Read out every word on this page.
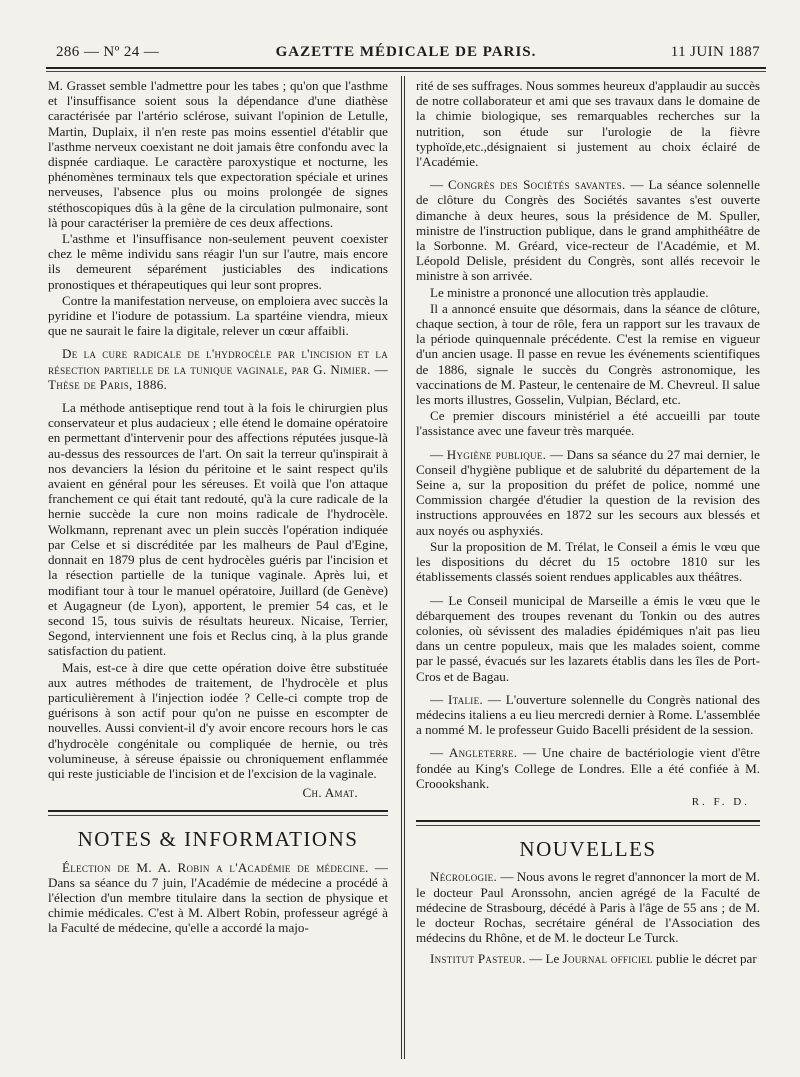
286 — Nº 24 —	GAZETTE MÉDICALE DE PARIS.	11 JUIN 1887

M. Grasset semble l'admettre pour les tabes ; qu'on que l'asthme et l'insuffisance soient sous la dépendance d'une diathèse caractérisée par l'artério sclérose, suivant l'opinion de Letulle, Martin, Duplaix, il n'en reste pas moins essentiel d'établir que l'asthme nerveux coexistant ne doit jamais être confondu avec la dispnée cardiaque. Le caractère paroxystique et nocturne, les phénomènes terminaux tels que expectoration spéciale et urines nerveuses, l'absence plus ou moins prolongée de signes stéthoscopiques dûs à la gêne de la circulation pulmonaire, sont là pour caractériser la première de ces deux affections.

L'asthme et l'insuffisance non-seulement peuvent coexister chez le même individu sans réagir l'un sur l'autre, mais encore ils demeurent séparément justiciables des indications pronostiques et thérapeutiques qui leur sont propres.

Contre la manifestation nerveuse, on emploiera avec succès la pyridine et l'iodure de potassium. La spartéine viendra, mieux que ne saurait le faire la digitale, relever un cœur affaibli.

De la cure radicale de l'hydrocèle par l'incision et la résection partielle de la tunique vaginale, par G. Nimier. — Thèse de Paris, 1886.

La méthode antiseptique rend tout à la fois le chirurgien plus conservateur et plus audacieux ; elle étend le domaine opératoire en permettant d'intervenir pour des affections réputées jusque-là au-dessus des ressources de l'art. On sait la terreur qu'inspirait à nos devanciers la lésion du péritoine et le saint respect qu'ils avaient en général pour les séreuses. Et voilà que l'on attaque franchement ce qui était tant redouté, qu'à la cure radicale de la hernie succède la cure non moins radicale de l'hydrocèle. Wolkmann, reprenant avec un plein succès l'opération indiquée par Celse et si discréditée par les malheurs de Paul d'Egine, donnait en 1879 plus de cent hydrocèles guéris par l'incision et la résection partielle de la tunique vaginale. Après lui, et modifiant tour à tour le manuel opératoire, Juillard (de Genève) et Augagneur (de Lyon), apportent, le premier 54 cas, et le second 15, tous suivis de résultats heureux. Nicaise, Terrier, Segond, interviennent une fois et Reclus cinq, à la plus grande satisfaction du patient.

Mais, est-ce à dire que cette opération doive être substituée aux autres méthodes de traitement, de l'hydrocèle et plus particulièrement à l'injection iodée ? Celle-ci compte trop de guérisons à son actif pour qu'on ne puisse en escompter de nouvelles. Aussi convient-il d'y avoir encore recours hors le cas d'hydrocèle congénitale ou compliquée de hernie, ou très volumineuse, à séreuse épaissie ou chroniquement enflammée qui reste justiciable de l'incision et de l'excision de la vaginale.

Ch. Amat.
NOTES & INFORMATIONS

Élection de M. A. Robin a l'Académie de médecine. — Dans sa séance du 7 juin, l'Académie de médecine a procédé à l'élection d'un membre titulaire dans la section de physique et chimie médicales. C'est à M. Albert Robin, professeur agrégé à la Faculté de médecine, qu'elle a accordé la majo-

rité de ses suffrages. Nous sommes heureux d'applaudir au succès de notre collaborateur et ami que ses travaux dans le domaine de la chimie biologique, ses remarquables recherches sur la nutrition, son étude sur l'urologie de la fièvre typhoïde,etc.,désignaient si justement au choix éclairé de l'Académie.

— Congrès des Sociétés savantes. — La séance solennelle de clôture du Congrès des Sociétés savantes s'est ouverte dimanche à deux heures, sous la présidence de M. Spuller, ministre de l'instruction publique, dans le grand amphithéâtre de la Sorbonne. M. Gréard, vice-recteur de l'Académie, et M. Léopold Delisle, président du Congrès, sont allés recevoir le ministre à son arrivée.

Le ministre a prononcé une allocution très applaudie.

Il a annoncé ensuite que désormais, dans la séance de clôture, chaque section, à tour de rôle, fera un rapport sur les travaux de la période quinquennale précédente. C'est la remise en vigueur d'un ancien usage. Il passe en revue les événements scientifiques de 1886, signale le succès du Congrès astronomique, les vaccinations de M. Pasteur, le centenaire de M. Chevreul. Il salue les morts illustres, Gosselin, Vulpian, Béclard, etc.

Ce premier discours ministériel a été accueilli par toute l'assistance avec une faveur très marquée.

— Hygiène publique. — Dans sa séance du 27 mai dernier, le Conseil d'hygiène publique et de salubrité du département de la Seine a, sur la proposition du préfet de police, nommé une Commission chargée d'étudier la question de la revision des instructions approuvées en 1872 sur les secours aux blessés et aux noyés ou asphyxiés.

Sur la proposition de M. Trélat, le Conseil a émis le vœu que les dispositions du décret du 15 octobre 1810 sur les établissements classés soient rendues applicables aux théâtres.

— Le Conseil municipal de Marseille a émis le vœu que le débarquement des troupes revenant du Tonkin ou des autres colonies, où sévissent des maladies épidémiques n'ait pas lieu dans un centre populeux, mais que les malades soient, comme par le passé, évacués sur les lazarets établis dans les îles de Port-Cros et de Bagau.

— Italie. — L'ouverture solennelle du Congrès national des médecins italiens a eu lieu mercredi dernier à Rome. L'assemblée a nommé M. le professeur Guido Bacelli président de la session.

— Angleterre. — Une chaire de bactériologie vient d'être fondée au King's College de Londres. Elle a été confiée à M. Croookshank.

R. F. D.
NOUVELLES

Nécrologie. — Nous avons le regret d'annoncer la mort de M. le docteur Paul Aronssohn, ancien agrégé de la Faculté de médecine de Strasbourg, décédé à Paris à l'âge de 55 ans ; de M. le docteur Rochas, secrétaire général de l'Association des médecins du Rhône, et de M. le docteur Le Turck.

Institut Pasteur. — Le Journal officiel publie le décret par
